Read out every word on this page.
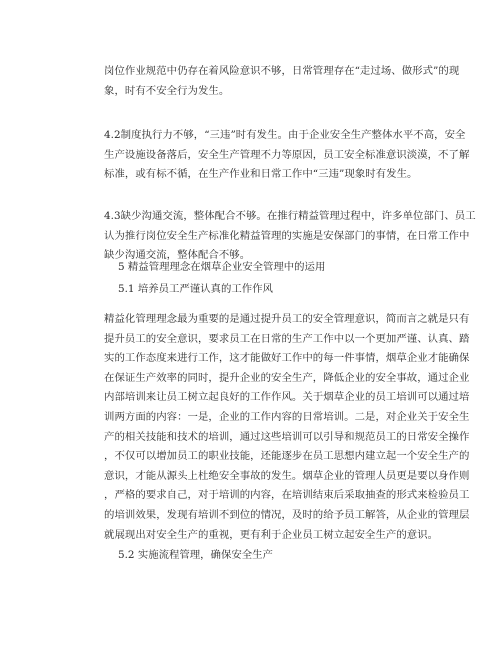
岗位作业规范中仍存在着风险意识不够，日常管理存在“走过场、做形式”的现
象，时有不安全行为发生。
4.2制度执行力不够，“三违”时有发生。由于企业安全生产整体水平不高，安全
生产设施设备落后，安全生产管理不力等原因，员工安全标准意识淡漠，不了解
标准，或有标不循，在生产作业和日常工作中“三违”现象时有发生。
4.3缺少沟通交流，整体配合不够。在推行精益管理过程中，许多单位部门、员工
认为推行岗位安全生产标准化精益管理的实施是安保部门的事情，在日常工作中
缺少沟通交流，整体配合不够。
5 精益管理理念在烟草企业安全管理中的运用
5.1 培养员工严谨认真的工作作风
精益化管理理念最为重要的是通过提升员工的安全管理意识，简而言之就是只有
提升员工的安全意识，要求员工在日常的生产工作中以一个更加严谨、认真、踏
实的工作态度来进行工作，这才能做好工作中的每一件事情，烟草企业才能确保
在保证生产效率的同时，提升企业的安全生产，降低企业的安全事故，通过企业
内部培训来让员工树立起良好的工作作风。关于烟草企业的员工培训可以通过培
训两方面的内容：一是，企业的工作内容的日常培训。二是，对企业关于安全生
产的相关技能和技术的培训，通过这些培训可以引导和规范员工的日常安全操作
，不仅可以增加员工的职业技能，还能逐步在员工思想内建立起一个安全生产的
意识，才能从源头上杜绝安全事故的发生。烟草企业的管理人员更是要以身作则
，严格的要求自己，对于培训的内容，在培训结束后采取抽查的形式来检验员工
的培训效果，发现有培训不到位的情况，及时的给予员工解答，从企业的管理层
就展现出对安全生产的重视，更有利于企业员工树立起安全生产的意识。
5.2 实施流程管理，确保安全生产
